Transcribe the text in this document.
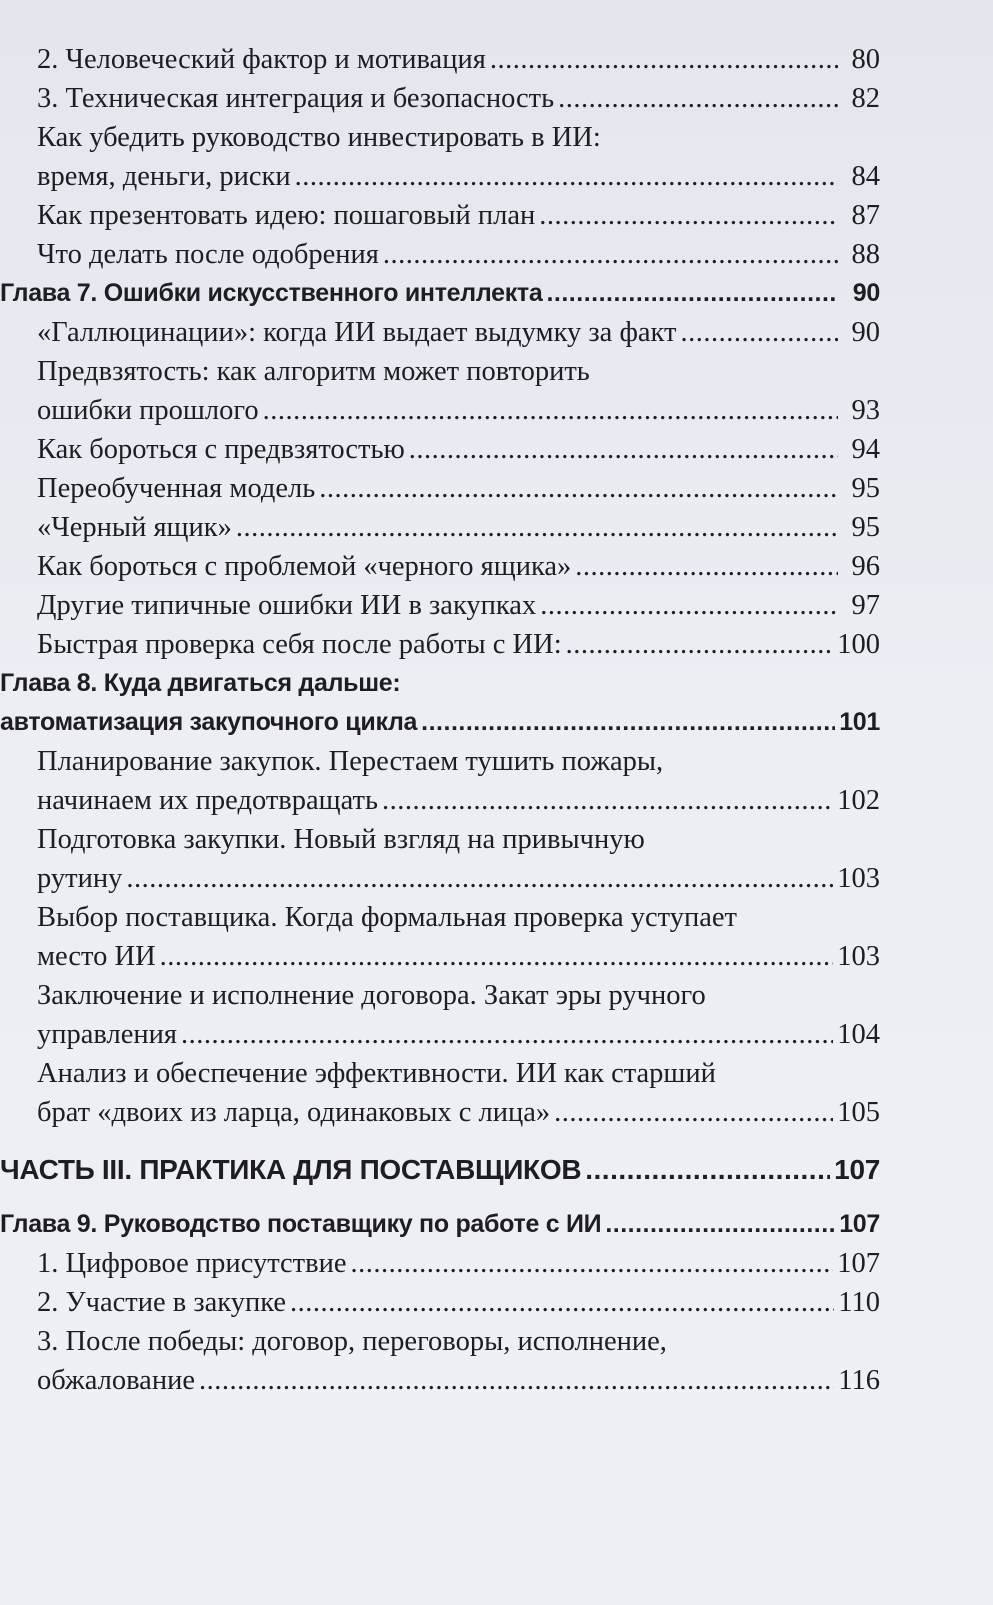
2. Человеческий фактор и мотивация .....	80
3. Техническая интеграция и безопасность .....	82
Как убедить руководство инвестировать в ИИ:
время, деньги, риски .....	84
Как презентовать идею: пошаговый план .....	87
Что делать после одобрения .....	88
Глава 7. Ошибки искусственного интеллекта .....	90
«Галлюцинации»: когда ИИ выдает выдумку за факт .....	90
Предвзятость: как алгоритм может повторить
ошибки прошлого .....	93
Как бороться с предвзятостью .....	94
Переобученная модель .....	95
«Черный ящик» .....	95
Как бороться с проблемой «черного ящика» .....	96
Другие типичные ошибки ИИ в закупках .....	97
Быстрая проверка себя после работы с ИИ: .....	100
Глава 8. Куда двигаться дальше:
автоматизация закупочного цикла .....	101
Планирование закупок. Перестаем тушить пожары,
начинаем их предотвращать .....	102
Подготовка закупки. Новый взгляд на привычную
рутину .....	103
Выбор поставщика. Когда формальная проверка уступает
место ИИ .....	103
Заключение и исполнение договора. Закат эры ручного
управления .....	104
Анализ и обеспечение эффективности. ИИ как старший
брат «двоих из ларца, одинаковых с лица» .....	105
ЧАСТЬ III. ПРАКТИКА ДЛЯ ПОСТАВЩИКОВ .....	107
Глава 9. Руководство поставщику по работе с ИИ .....	107
1. Цифровое присутствие .....	107
2. Участие в закупке .....	110
3. После победы: договор, переговоры, исполнение,
обжалование .....	116
